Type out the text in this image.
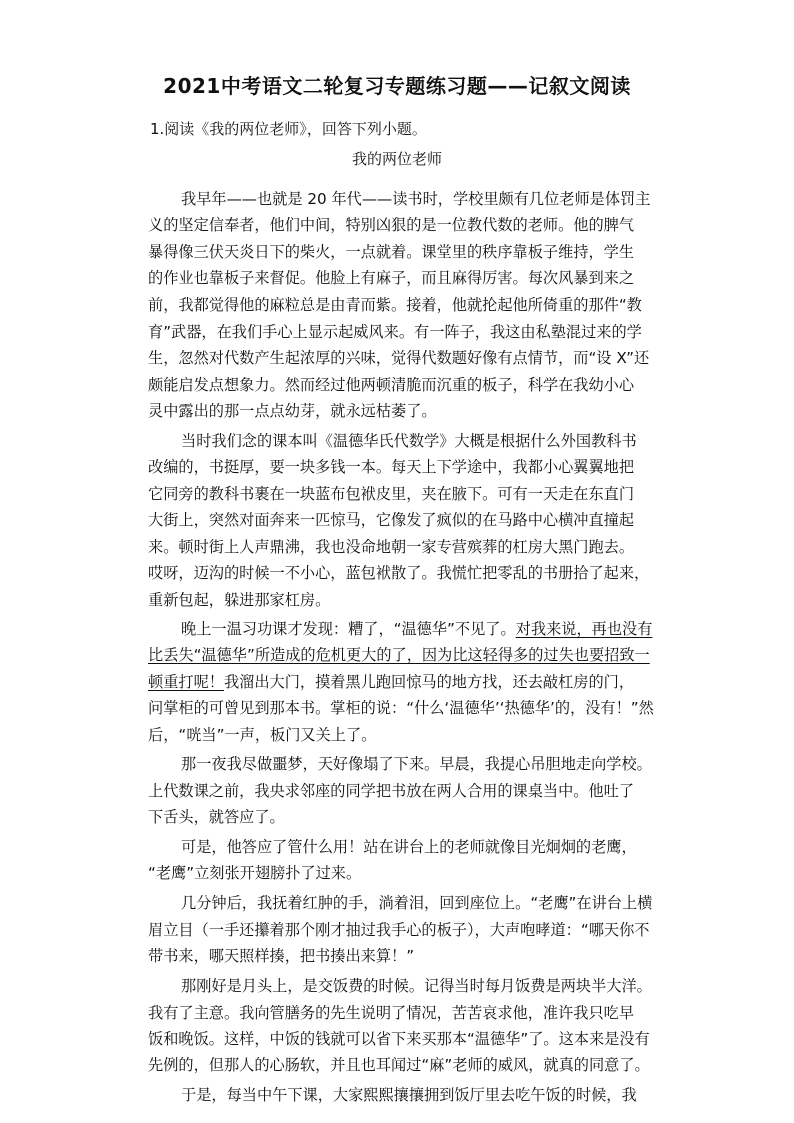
2021中考语文二轮复习专题练习题——记叙文阅读
1.阅读《我的两位老师》，回答下列小题。
我的两位老师
我早年——也就是 20 年代——读书时，学校里颇有几位老师是体罚主
义的坚定信奉者，他们中间，特别凶狠的是一位教代数的老师。他的脾气
暴得像三伏天炎日下的柴火，一点就着。课堂里的秩序靠板子维持，学生
的作业也靠板子来督促。他脸上有麻子，而且麻得厉害。每次风暴到来之
前，我都觉得他的麻粒总是由青而紫。接着，他就抡起他所倚重的那件“教
育”武器，在我们手心上显示起威风来。有一阵子，我这由私塾混过来的学
生，忽然对代数产生起浓厚的兴味，觉得代数题好像有点情节，而“设 X”还
颇能启发点想象力。然而经过他两顿清脆而沉重的板子，科学在我幼小心
灵中露出的那一点点幼芽，就永远枯萎了。
当时我们念的课本叫《温德华氏代数学》大概是根据什么外国教科书
改编的，书挺厚，要一块多钱一本。每天上下学途中，我都小心翼翼地把
它同旁的教科书裹在一块蓝布包袱皮里，夹在腋下。可有一天走在东直门
大街上，突然对面奔来一匹惊马，它像发了疯似的在马路中心横冲直撞起
来。顿时街上人声鼎沸，我也没命地朝一家专营殡葬的杠房大黑门跑去。
哎呀，迈沟的时候一不小心，蓝包袱散了。我慌忙把零乱的书册拾了起来，
重新包起，躲进那家杠房。
晚上一温习功课才发现：糟了，“温德华”不见了。对我来说，再也没有
比丢失“温德华”所造成的危机更大的了，因为比这轻得多的过失也要招致一
顿重打呢！我溜出大门，摸着黑儿跑回惊马的地方找，还去敲杠房的门，
问掌柜的可曾见到那本书。掌柜的说：“什么‘温德华’‘热德华’的，没有！”然
后，“咣当”一声，板门又关上了。
那一夜我尽做噩梦，天好像塌了下来。早晨，我提心吊胆地走向学校。
上代数课之前，我央求邻座的同学把书放在两人合用的课桌当中。他吐了
下舌头，就答应了。
可是，他答应了管什么用！站在讲台上的老师就像目光炯炯的老鹰，
“老鹰”立刻张开翅膀扑了过来。
几分钟后，我抚着红肿的手，淌着泪，回到座位上。“老鹰”在讲台上横
眉立目（一手还攥着那个刚才抽过我手心的板子），大声咆哮道：“哪天你不
带书来，哪天照样揍，把书揍出来算！”
那刚好是月头上，是交饭费的时候。记得当时每月饭费是两块半大洋。
我有了主意。我向管膳务的先生说明了情况，苦苦哀求他，准许我只吃早
饭和晚饭。这样，中饭的钱就可以省下来买那本“温德华”了。这本来是没有
先例的，但那人的心肠软，并且也耳闻过“麻”老师的威风，就真的同意了。
于是，每当中午下课，大家熙熙攘攘拥到饭厅里去吃午饭的时候，我
